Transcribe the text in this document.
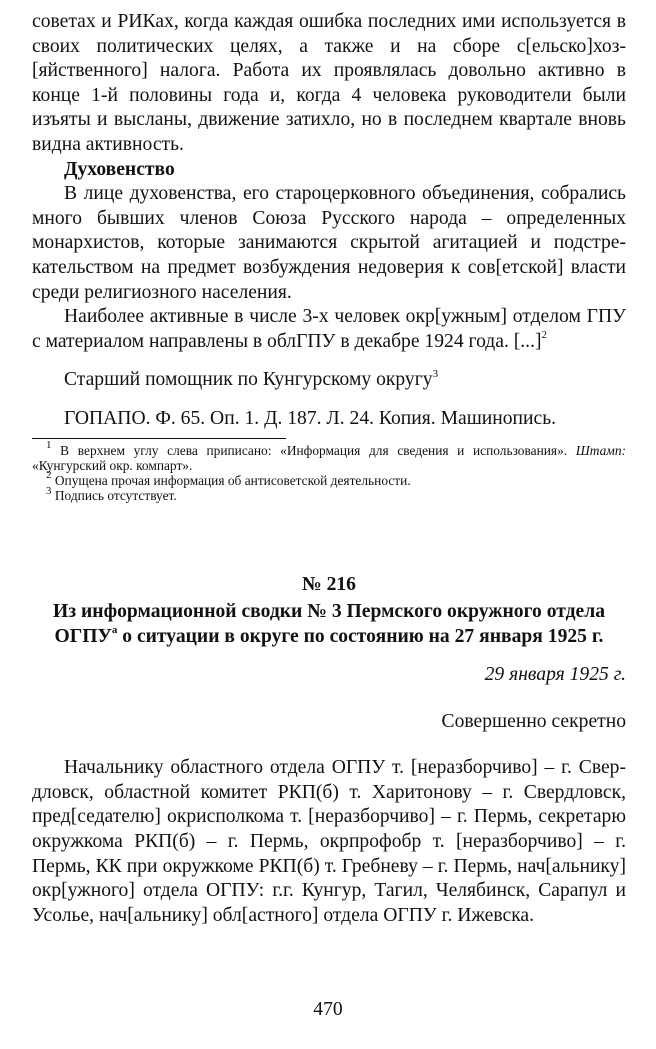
советах и РИКах, когда каждая ошибка последних ими используется в своих политических целях, а также и на сборе с[ельско]хоз[яйственного] налога. Работа их проявлялась довольно активно в конце 1-й половины года и, когда 4 человека руководители были изъяты и высланы, движение затихло, но в последнем квартале вновь видна активность.

Духовенство

В лице духовенства, его староцерковного объединения, собрались много бывших членов Союза Русского народа – определенных монархистов, которые занимаются скрытой агитацией и подстрекательством на предмет возбуждения недоверия к сов[етской] власти среди религиозного населения.

Наиболее активные в числе 3-х человек окр[ужным] отделом ГПУ с материалом направлены в облГПУ в декабре 1924 года. [...]$^2$

Старший помощник по Кунгурскому округу$^3$

ГОПАПО. Ф. 65. Оп. 1. Д. 187. Л. 24. Копия. Машинопись.

$^1$ В верхнем углу слева приписано: «Информация для сведения и использования». Штамп: «Кунгурский окр. компарт».

$^2$ Опущена прочая информация об антисоветской деятельности.

$^3$ Подпись отсутствует.

№ 216

Из информационной сводки № 3 Пермского окружного отдела $ОГПУ^а$ о ситуации в округе по состоянию на 27 января 1925 г.

29 января 1925 г.
Совершенно секретно

Начальнику областного отдела ОГПУ т. [неразборчиво] – г. Свердловск, областной комитет РКП(б) т. Харитонову – г. Свердловск, пред[седателю] окрисполкома т. [неразборчиво] – г. Пермь, секретарю окружкома РКП(б) – г. Пермь, окрпрофобр т. [неразборчиво] – г. Пермь, КК при окружкоме РКП(б) т. Гребневу – г. Пермь, нач[альнику] окр[ужного] отдела ОГПУ: г.г. Кунгур, Тагил, Челябинск, Сарапул и Усолье, нач[альнику] обл[астного] отдела ОГПУ г. Ижевска.

470
